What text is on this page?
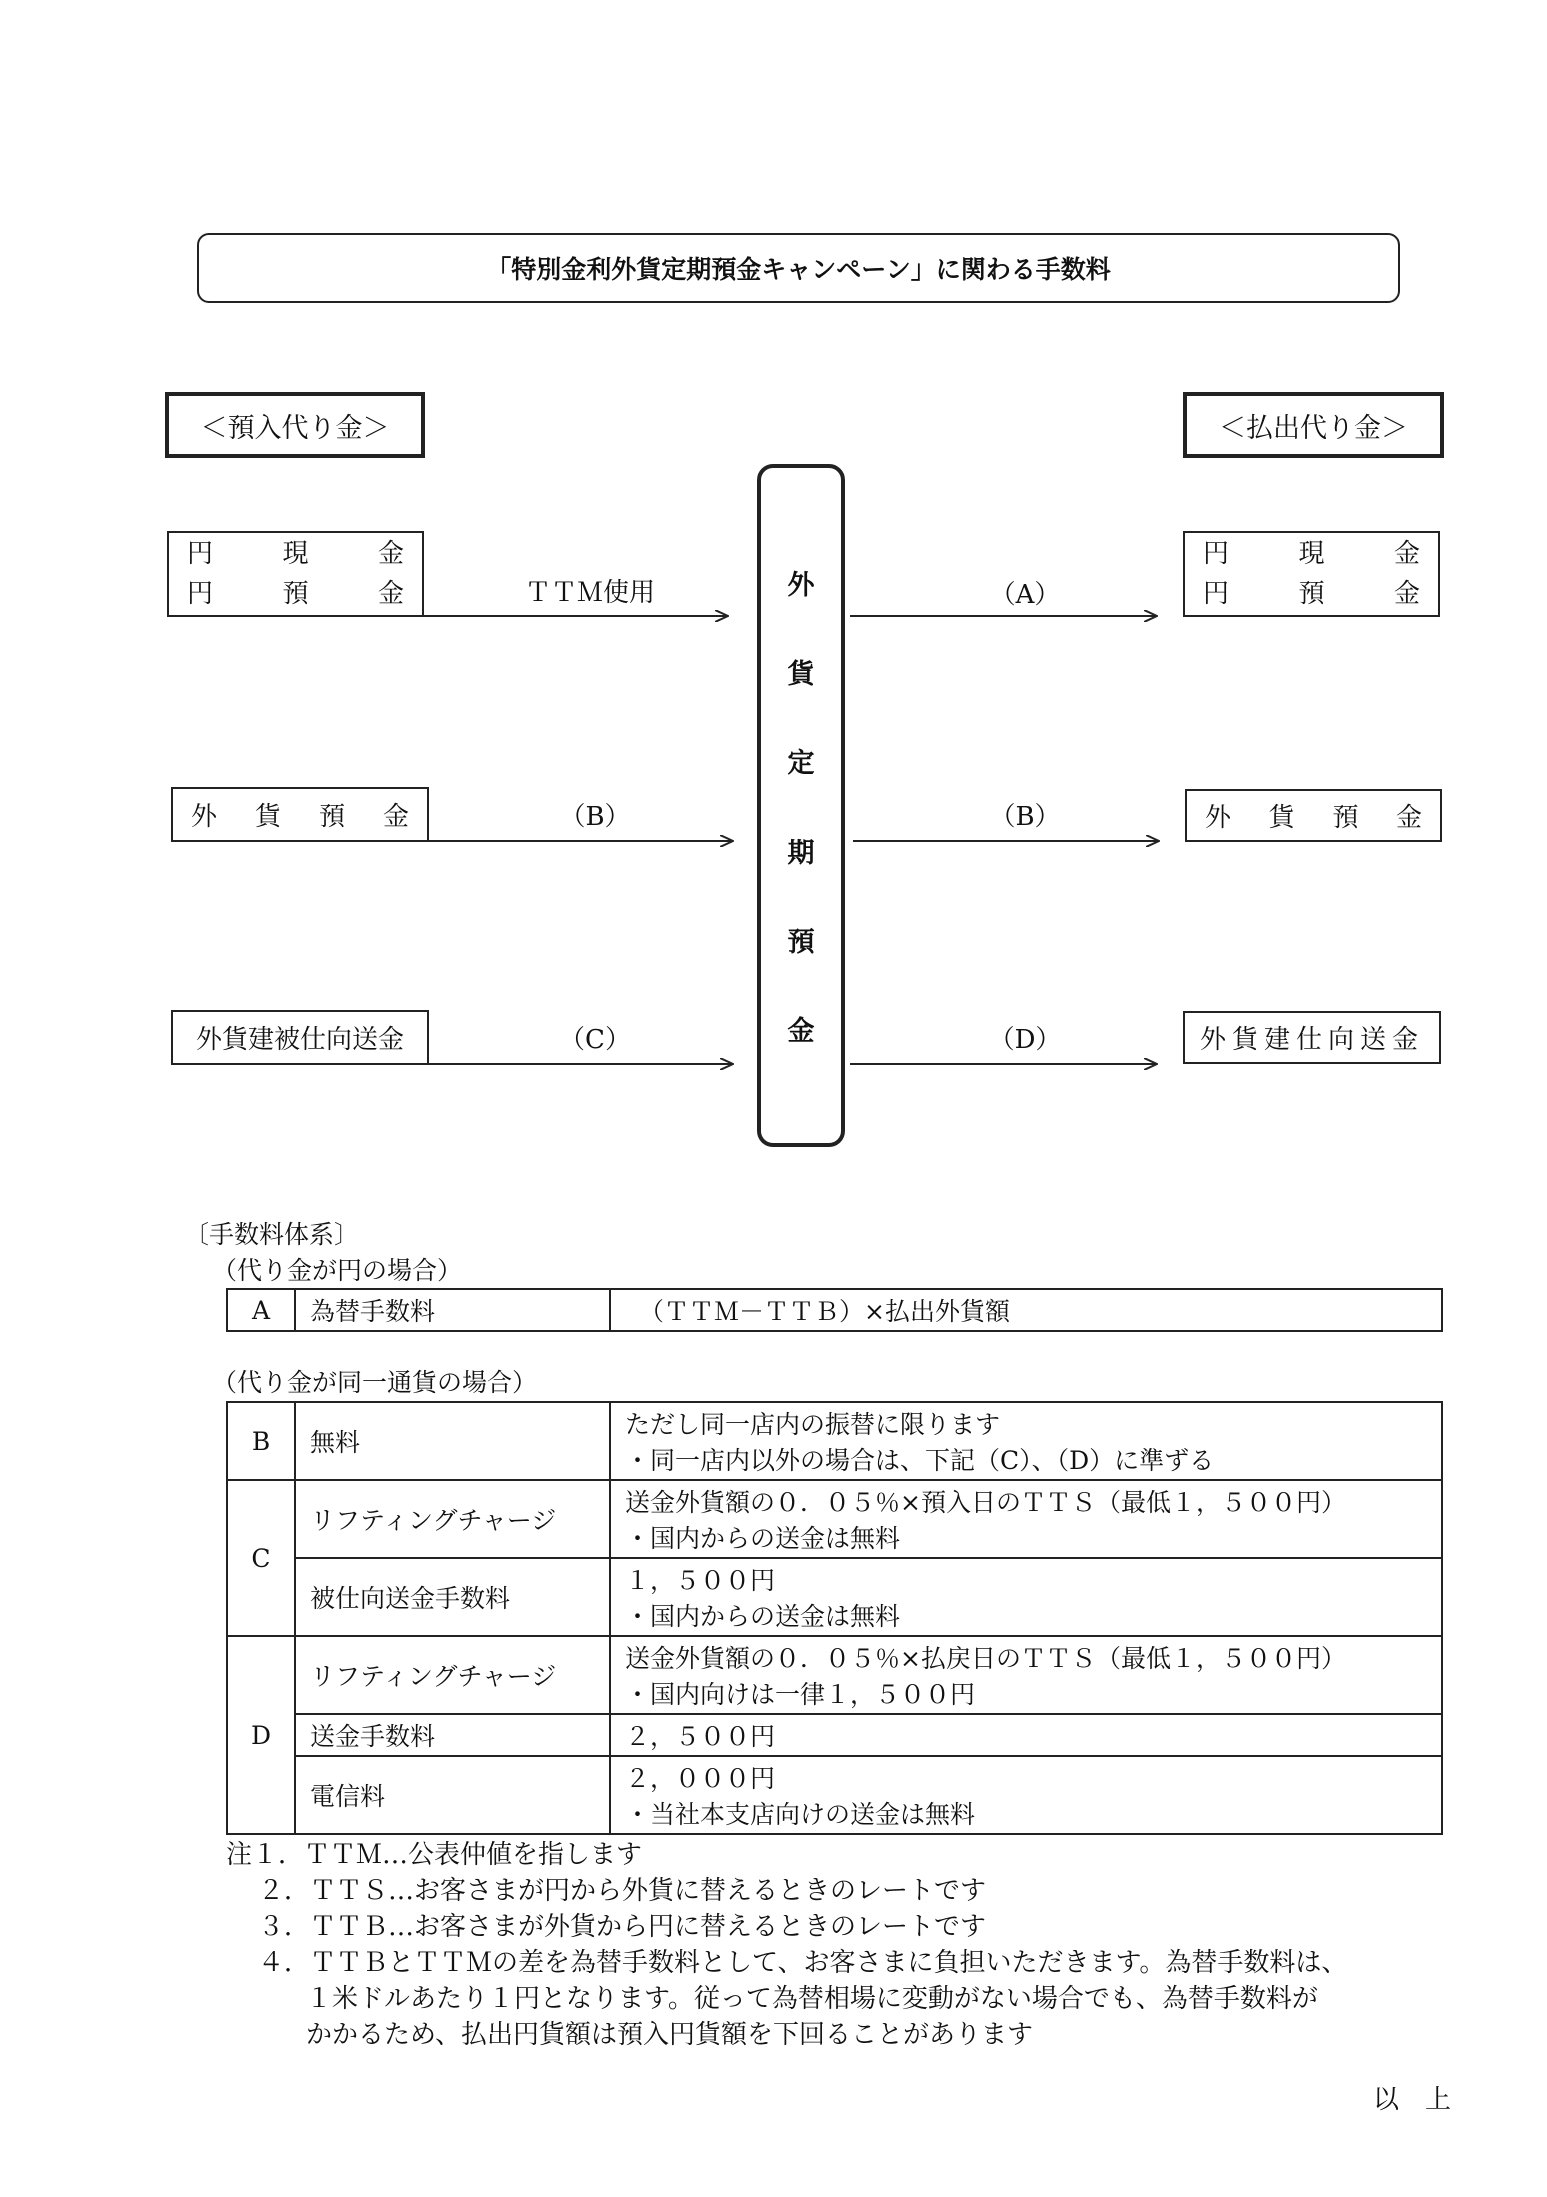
「特別金利外貨定期預金キャンペーン」に関わる手数料
＜預入代り金＞	＜払出代り金＞
円	現	金
円	預	金
外 貨 預 金
外貨建被仕向送金
円	現	金
円	預	金
外 貨 預 金
外貨建仕向送金
外
貨
定
期
預
金
ＴＴＭ使用
（B）
（C）
（A）
（B）
（D）
〔手数料体系〕
（代り金が円の場合）
A	為替手数料	（ＴＴＭ－ＴＴＢ）×払出外貨額
（代り金が同一通貨の場合）
B	無料	ただし同一店内の振替に限ります
・同一店内以外の場合は、下記（C）、（D）に準ずる

C	リフティングチャージ	送金外貨額の０．０５％×預入日のＴＴＳ（最低１，５００円）
・国内からの送金は無料

	被仕向送金手数料	１，５００円
・国内からの送金は無料

D	リフティングチャージ	送金外貨額の０．０５％×払戻日のＴＴＳ（最低１，５００円）
・国内向けは一律１，５００円

	送金手数料	２，５００円

	電信料	２，０００円
・当社本支店向けの送金は無料
注１．ＴＴＭ…公表仲値を指します
２．ＴＴＳ…お客さまが円から外貨に替えるときのレートです
３．ＴＴＢ…お客さまが外貨から円に替えるときのレートです
４．ＴＴＢとＴＴＭの差を為替手数料として、お客さまに負担いただきます。為替手数料は、
１米ドルあたり１円となります。従って為替相場に変動がない場合でも、為替手数料が
かかるため、払出円貨額は預入円貨額を下回ることがあります
以　上
